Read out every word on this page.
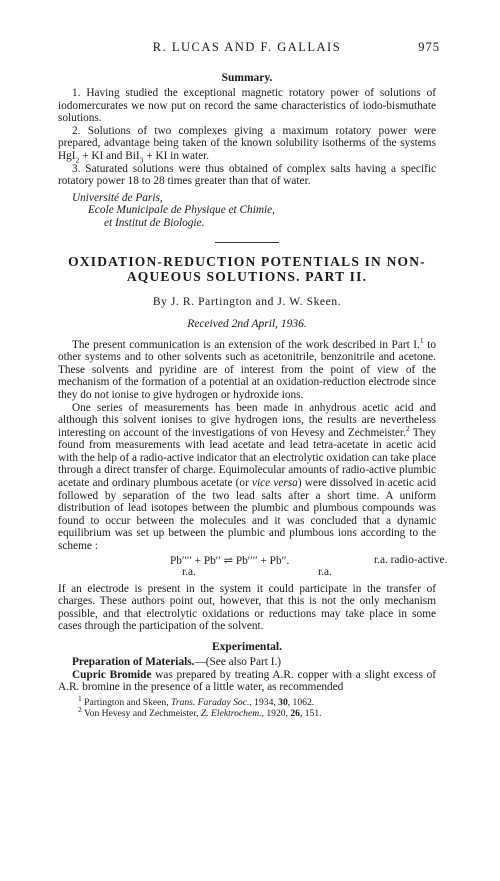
R. LUCAS AND F. GALLAIS	975
Summary.

1. Having studied the exceptional magnetic rotatory power of solutions of iodomercurates we now put on record the same characteristics of iodo-bismuthate solutions.

2. Solutions of two complexes giving a maximum rotatory power were prepared, advantage being taken of the known solubility isotherms of the systems HgI$_2$ + KI and BiI$_3$ + KI in water.

3. Saturated solutions were thus obtained of complex salts having a specific rotatory power 18 to 28 times greater than that of water.

Université de Paris,
Ecole Municipale de Physique et Chimie,
et Institut de Biologie.
OXIDATION-REDUCTION POTENTIALS IN NON-
AQUEOUS SOLUTIONS. PART II.
By J. R. Partington and J. W. Skeen.
Received 2nd April, 1936.

The present communication is an extension of the work described in Part I.$^1$ to other systems and to other solvents such as acetonitrile, benzonitrile and acetone. These solvents and pyridine are of interest from the point of view of the mechanism of the formation of a potential at an oxidation-reduction electrode since they do not ionise to give hydrogen or hydroxide ions.

One series of measurements has been made in anhydrous acetic acid and although this solvent ionises to give hydrogen ions, the results are nevertheless interesting on account of the investigations of von Hevesy and Zechmeister.$^2$ They found from measurements with lead acetate and lead tetra-acetate in acetic acid with the help of a radio-active indicator that an electrolytic oxidation can take place through a direct transfer of charge. Equimolecular amounts of radio-active plumbic acetate and ordinary plumbous acetate (or vice versa) were dissolved in acetic acid followed by separation of the two lead salts after a short time. A uniform distribution of lead isotopes between the plumbic and plumbous compounds was found to occur between the molecules and it was concluded that a dynamic equilibrium was set up between the plumbic and plumbous ions according to the scheme :

Pb′′′′ + Pb′′ ⇌ Pb′′′′ + Pb′′.	r.a. radio-active.
r.a.	r.a.

If an electrode is present in the system it could participate in the transfer of charges. These authors point out, however, that this is not the only mechanism possible, and that electrolytic oxidations or reductions may take place in some cases through the participation of the solvent.

Experimental.

Preparation of Materials.—(See also Part I.)

Cupric Bromide was prepared by treating A.R. copper with a slight excess of A.R. bromine in the presence of a little water, as recommended

$^1$ Partington and Skeen, Trans. Faraday Soc., 1934, 30, 1062.
$^2$ Von Hevesy and Zechmeister, Z. Elektrochem., 1920, 26, 151.
